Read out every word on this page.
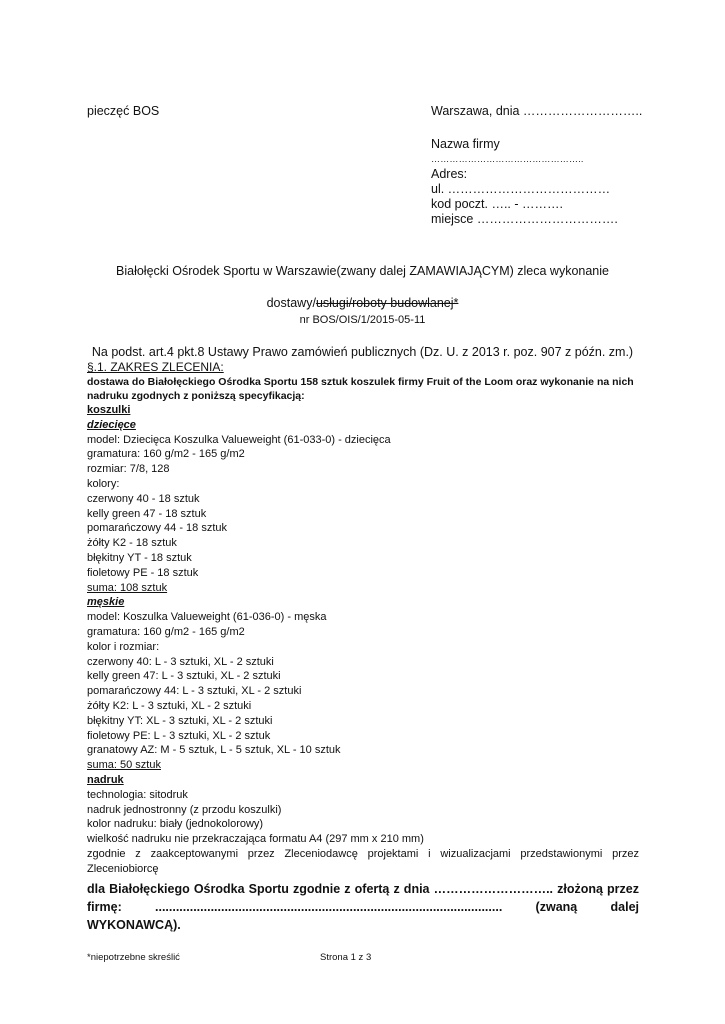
pieczęć BOS	Warszawa, dnia ………………………..
Nazwa firmy
…………………………………………..
Adres:
ul. …………………………………
kod poczt. ….. - ……….
miejsce …………………………….
Białołęcki Ośrodek Sportu w Warszawie(zwany dalej ZAMAWIAJĄCYM) zleca wykonanie
dostawy/usługi/roboty budowlanej*
nr BOS/OIS/1/2015-05-11
Na podst. art.4 pkt.8 Ustawy Prawo zamówień publicznych (Dz. U. z 2013 r. poz. 907 z późn. zm.)
§.1. ZAKRES ZLECENIA:
dostawa do Białołęckiego Ośrodka Sportu 158 sztuk koszulek firmy Fruit of the Loom oraz wykonanie na nich nadruku zgodnych z poniższą specyfikacją:
koszulki
dziecięce
model: Dziecięca Koszulka Valueweight (61-033-0) - dziecięca
gramatura: 160 g/m2 - 165 g/m2
rozmiar: 7/8, 128
kolory:
czerwony 40 - 18 sztuk
kelly green 47 - 18 sztuk
pomarańczowy 44 - 18 sztuk
żółty K2 - 18 sztuk
błękitny YT - 18 sztuk
fioletowy PE - 18 sztuk
suma: 108 sztuk
męskie
model: Koszulka Valueweight (61-036-0) - męska
gramatura: 160 g/m2 - 165 g/m2
kolor i rozmiar:
czerwony 40: L - 3 sztuki, XL - 2 sztuki
kelly green 47: L - 3 sztuki, XL - 2 sztuki
pomarańczowy 44: L - 3 sztuki, XL - 2 sztuki
żółty K2: L - 3 sztuki, XL - 2 sztuki
błękitny YT: XL - 3 sztuki, XL - 2 sztuki
fioletowy PE: L - 3 sztuki, XL - 2 sztuk
granatowy AZ: M - 5 sztuk, L - 5 sztuk, XL - 10 sztuk
suma: 50 sztuk
nadruk
technologia: sitodruk
nadruk jednostronny (z przodu koszulki)
kolor nadruku: biały (jednokolorowy)
wielkość nadruku nie przekraczająca formatu A4 (297 mm x 210 mm)
zgodnie z zaakceptowanymi przez Zleceniodawcę projektami i wizualizacjami przedstawionymi przez Zleceniobiorcę
dla Białołęckiego Ośrodka Sportu zgodnie z ofertą z dnia ……………………….. złożoną przez firmę: .................................................................................................... (zwaną dalej WYKONAWCĄ).
*niepotrzebne skreślić	Strona 1 z 3
